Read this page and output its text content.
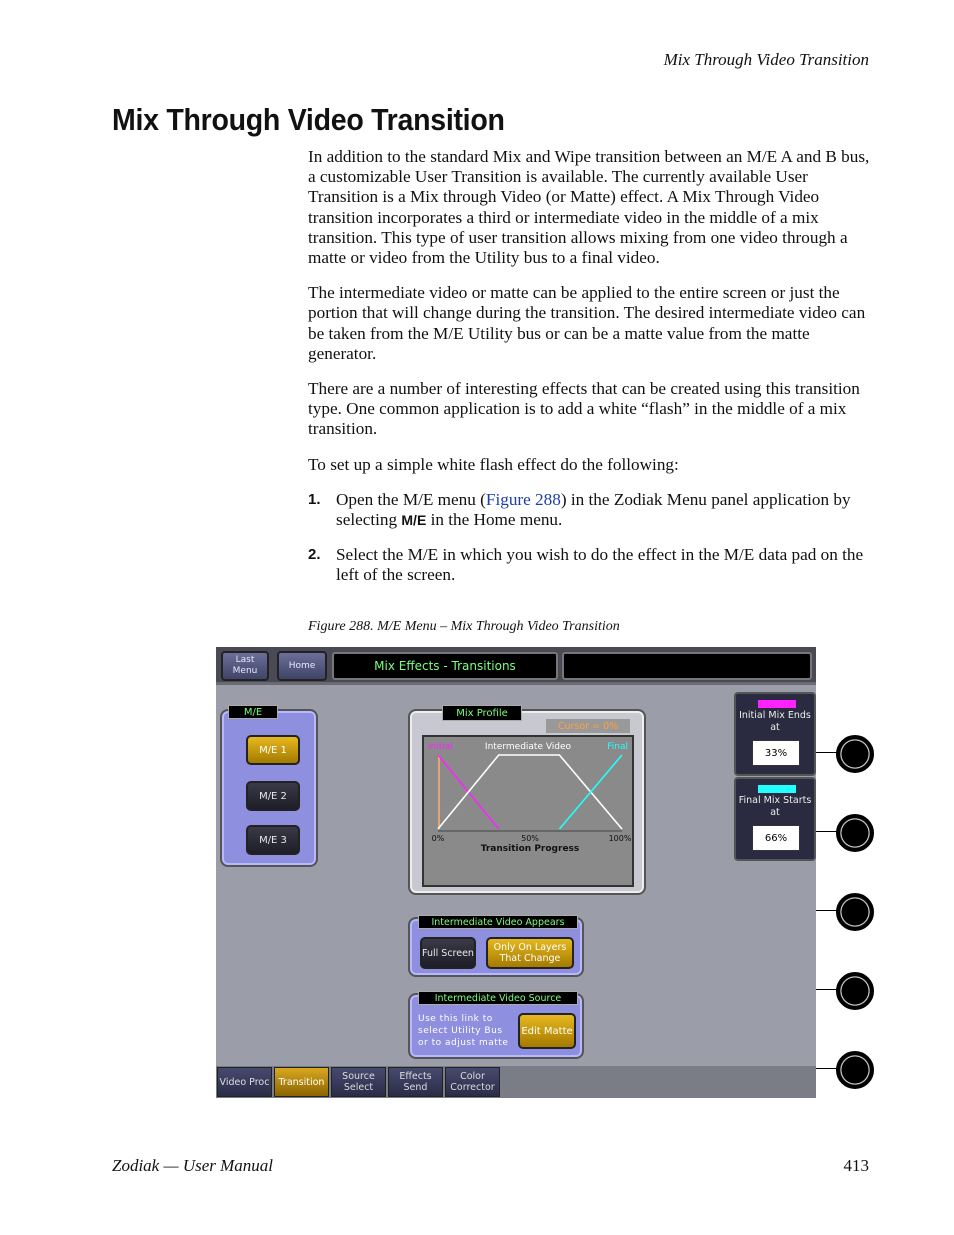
Mix Through Video Transition
Mix Through Video Transition

In addition to the standard Mix and Wipe transition between an M/E A and B bus, a customizable User Transition is available. The currently available User Transition is a Mix through Video (or Matte) effect. A Mix Through Video transition incorporates a third or intermediate video in the middle of a mix transition. This type of user transition allows mixing from one video through a matte or video from the Utility bus to a final video.

The intermediate video or matte can be applied to the entire screen or just the portion that will change during the transition. The desired intermediate video can be taken from the M/E Utility bus or can be a matte value from the matte generator.

There are a number of interesting effects that can be created using this transition type. One common application is to add a white “flash” in the middle of a mix transition.

To set up a simple white flash effect do the following:

1. Open the M/E menu (Figure 288) in the Zodiak Menu panel application by selecting M/E in the Home menu.
2. Select the M/E in which you wish to do the effect in the M/E data pad on the left of the screen.
Figure 288. M/E Menu – Mix Through Video Transition
Last Menu
Home	Mix Effects - Transitions
M/E
M/E 1
M/E 2
M/E 3
Mix Profile
Cursor = 0%
Initial	Intermediate Video	Final
0%	50%	100%
Transition Progress
Intermediate Video Appears
Full Screen	Only On Layers That Change
Intermediate Video Source
Use this link to select Utility Bus or to adjust matte
Edit Matte
Initial Mix Ends at
33%
Final Mix Starts at
66%
Video Proc Transition	Source Select
Effects Send
Color Corrector
Zodiak — User Manual	413
